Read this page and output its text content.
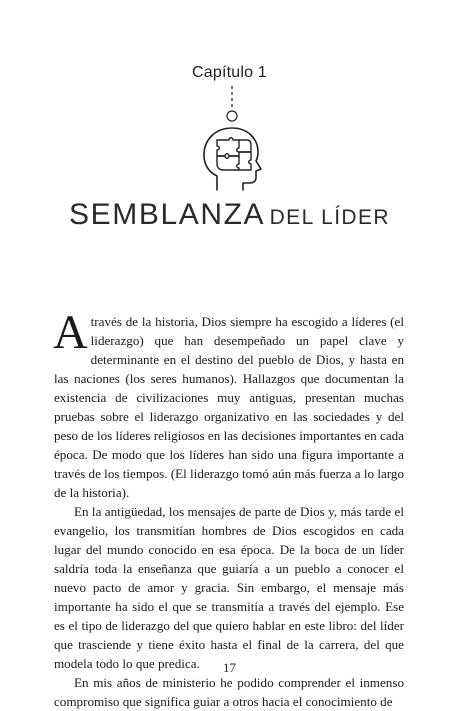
Capítulo 1
SEMBLANZA DEL LÍDER

Através de la historia, Dios siempre ha escogido a líderes (el liderazgo) que han desempeñado un papel clave y determinante en el destino del pueblo de Dios, y hasta en las naciones (los seres humanos). Hallazgos que documentan la existencia de civilizaciones muy antiguas, presentan muchas pruebas sobre el liderazgo organizativo en las sociedades y del peso de los líderes religiosos en las decisiones importantes en cada época. De modo que los líderes han sido una figura importante a través de los tiempos. (El liderazgo tomó aún más fuerza a lo largo de la historia).

En la antigüedad, los mensajes de parte de Dios y, más tarde el evangelio, los transmitían hombres de Dios escogidos en cada lugar del mundo conocido en esa época. De la boca de un líder saldría toda la enseñanza que guiaría a un pueblo a conocer el nuevo pacto de amor y gracia. Sin embargo, el mensaje más importante ha sido el que se transmitía a través del ejemplo. Ese es el tipo de liderazgo del que quiero hablar en este libro: del líder que trasciende y tiene éxito hasta el final de la carrera, del que modela todo lo que predica.

En mis años de ministerio he podido comprender el inmenso compromiso que significa guiar a otros hacia el conocimiento de

17
